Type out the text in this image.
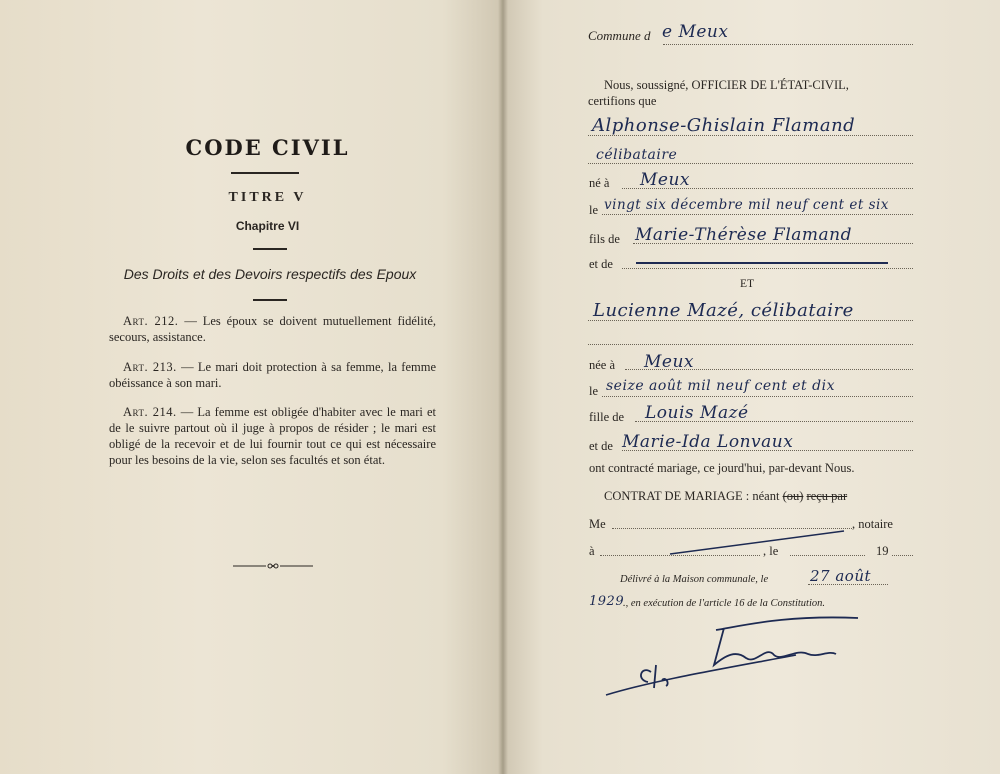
CODE CIVIL
TITRE V
Chapitre VI
Des Droits et des Devoirs respectifs des Epoux

Art. 212. — Les époux se doivent mutuellement fidélité, secours, assistance.

Art. 213. — Le mari doit protection à sa femme, la femme obéissance à son mari.

Art. 214. — La femme est obligée d'habiter avec le mari et de le suivre partout où il juge à propos de résider ; le mari est obligé de la recevoir et de lui fournir tout ce qui est nécessaire pour les besoins de la vie, selon ses facultés et son état.

Commune d e Meux
Nous, soussigné, OFFICIER DE L'ÉTAT-CIVIL,
certifions que
Alphonse-Ghislain Flamand
célibataire
né à Meux
le vingt six décembre mil neuf cent et six
fils de Marie-Thérèse Flamand
et de
ET
Lucienne Mazé, célibataire
née à Meux
le seize août mil neuf cent et dix
fille de Louis Mazé
et de Marie-Ida Lonvaux
ont contracté mariage, ce jourd'hui, par-devant Nous.
CONTRAT DE MARIAGE : néant (ou) reçu par
Me	, notaire
à	, le	19
Délivré à la Maison communale, le	27 août
1929
., en exécution de l'article 16 de la Constitution.
